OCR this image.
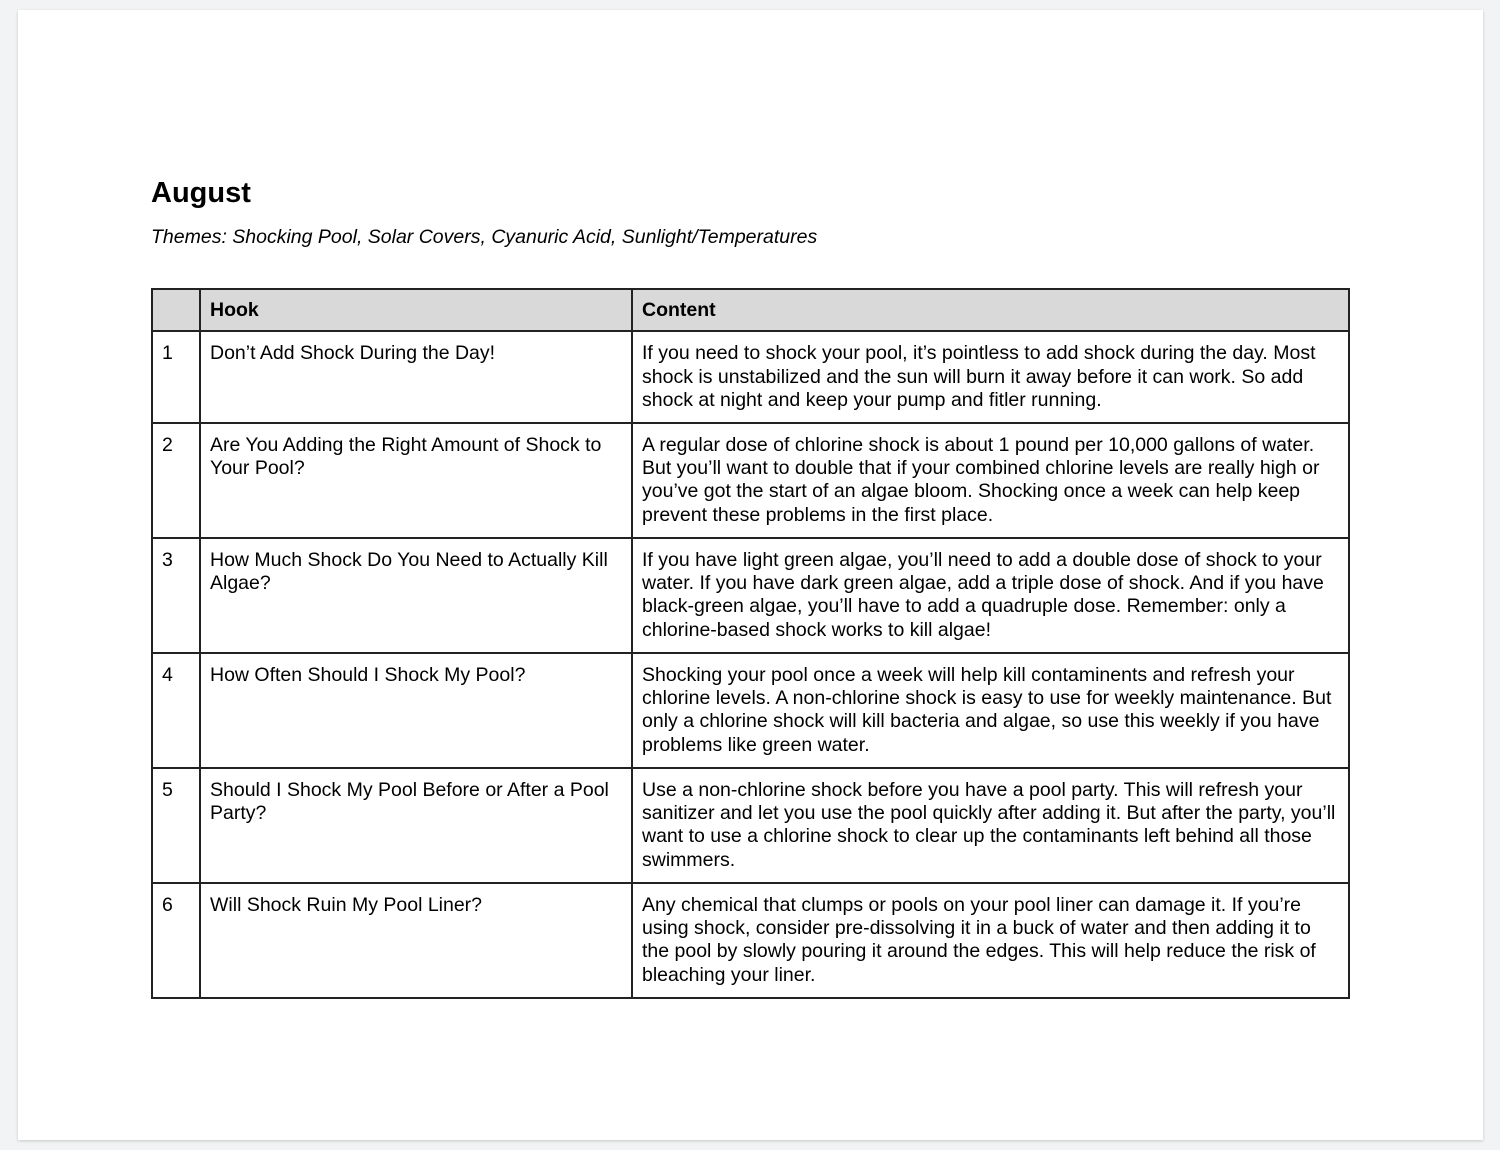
August

Themes: Shocking Pool, Solar Covers, Cyanuric Acid, Sunlight/Temperatures

	Hook	Content
1	Don’t Add Shock During the Day!	If you need to shock your pool, it’s pointless to add shock during the day. Most shock is unstabilized and the sun will burn it away before it can work. So add shock at night and keep your pump and fitler running.
2	Are You Adding the Right Amount of Shock to Your Pool?	A regular dose of chlorine shock is about 1 pound per 10,000 gallons of water. But you’ll want to double that if your combined chlorine levels are really high or you’ve got the start of an algae bloom. Shocking once a week can help keep prevent these problems in the first place.
3	How Much Shock Do You Need to Actually Kill Algae?	If you have light green algae, you’ll need to add a double dose of shock to your water. If you have dark green algae, add a triple dose of shock. And if you have black-green algae, you’ll have to add a quadruple dose. Remember: only a chlorine-based shock works to kill algae!
4	How Often Should I Shock My Pool?	Shocking your pool once a week will help kill contaminents and refresh your chlorine levels. A non-chlorine shock is easy to use for weekly maintenance. But only a chlorine shock will kill bacteria and algae, so use this weekly if you have problems like green water.
5	Should I Shock My Pool Before or After a Pool Party?	Use a non-chlorine shock before you have a pool party. This will refresh your sanitizer and let you use the pool quickly after adding it. But after the party, you’ll want to use a chlorine shock to clear up the contaminants left behind all those swimmers.
6	Will Shock Ruin My Pool Liner?	Any chemical that clumps or pools on your pool liner can damage it. If you’re using shock, consider pre-dissolving it in a buck of water and then adding it to the pool by slowly pouring it around the edges. This will help reduce the risk of bleaching your liner.
